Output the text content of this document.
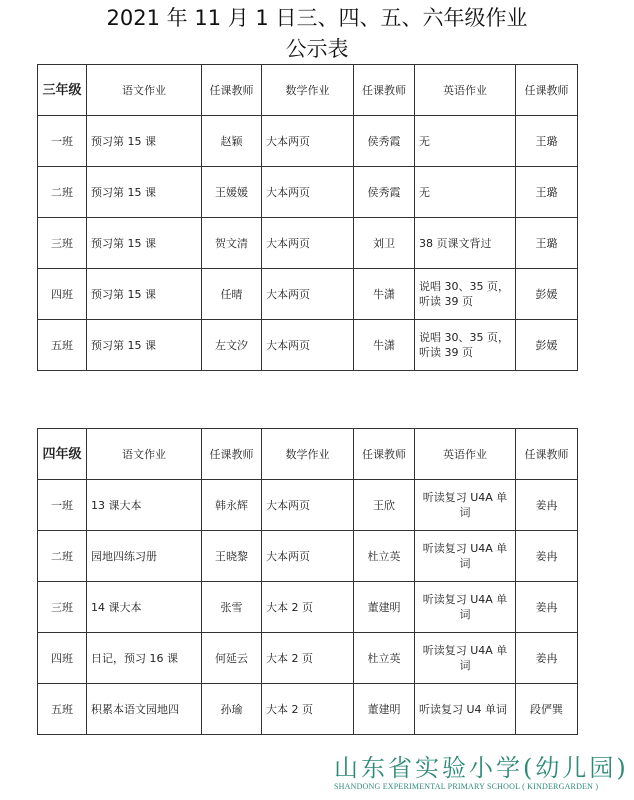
2021 年 11 月 1 日三、四、五、六年级作业
公示表
三年级	语文作业	任课教师	数学作业	任课教师	英语作业	任课教师
一班	预习第 15 课	赵颖	大本两页	侯秀霞	无	王璐
二班	预习第 15 课	王媛媛	大本两页	侯秀霞	无	王璐
三班	预习第 15 课	贺文清	大本两页	刘卫	38 页课文背过	王璐
四班	预习第 15 课	任晴	大本两页	牛潇	说唱 30、35 页，听读 39 页	彭媛
五班	预习第 15 课	左文汐	大本两页	牛潇	说唱 30、35 页，听读 39 页	彭媛
四年级	语文作业	任课教师	数学作业	任课教师	英语作业	任课教师
一班	13 课大本	韩永辉	大本两页	王欣	听读复习 U4A 单词	姜冉
二班	园地四练习册	王晓黎	大本两页	杜立英	听读复习 U4A 单词	姜冉
三班	14 课大本	张雪	大本 2 页	董建明	听读复习 U4A 单词	姜冉
四班	日记，预习 16 课	何延云	大本 2 页	杜立英	听读复习 U4A 单词	姜冉
五班	积累本语文园地四	孙瑜	大本 2 页	董建明	听读复习 U4 单词	段俨巽
山东省实验小学(幼儿园)
SHANDONG EXPERIMENTAL PRIMARY SCHOOL ( KINDERGARDEN )
